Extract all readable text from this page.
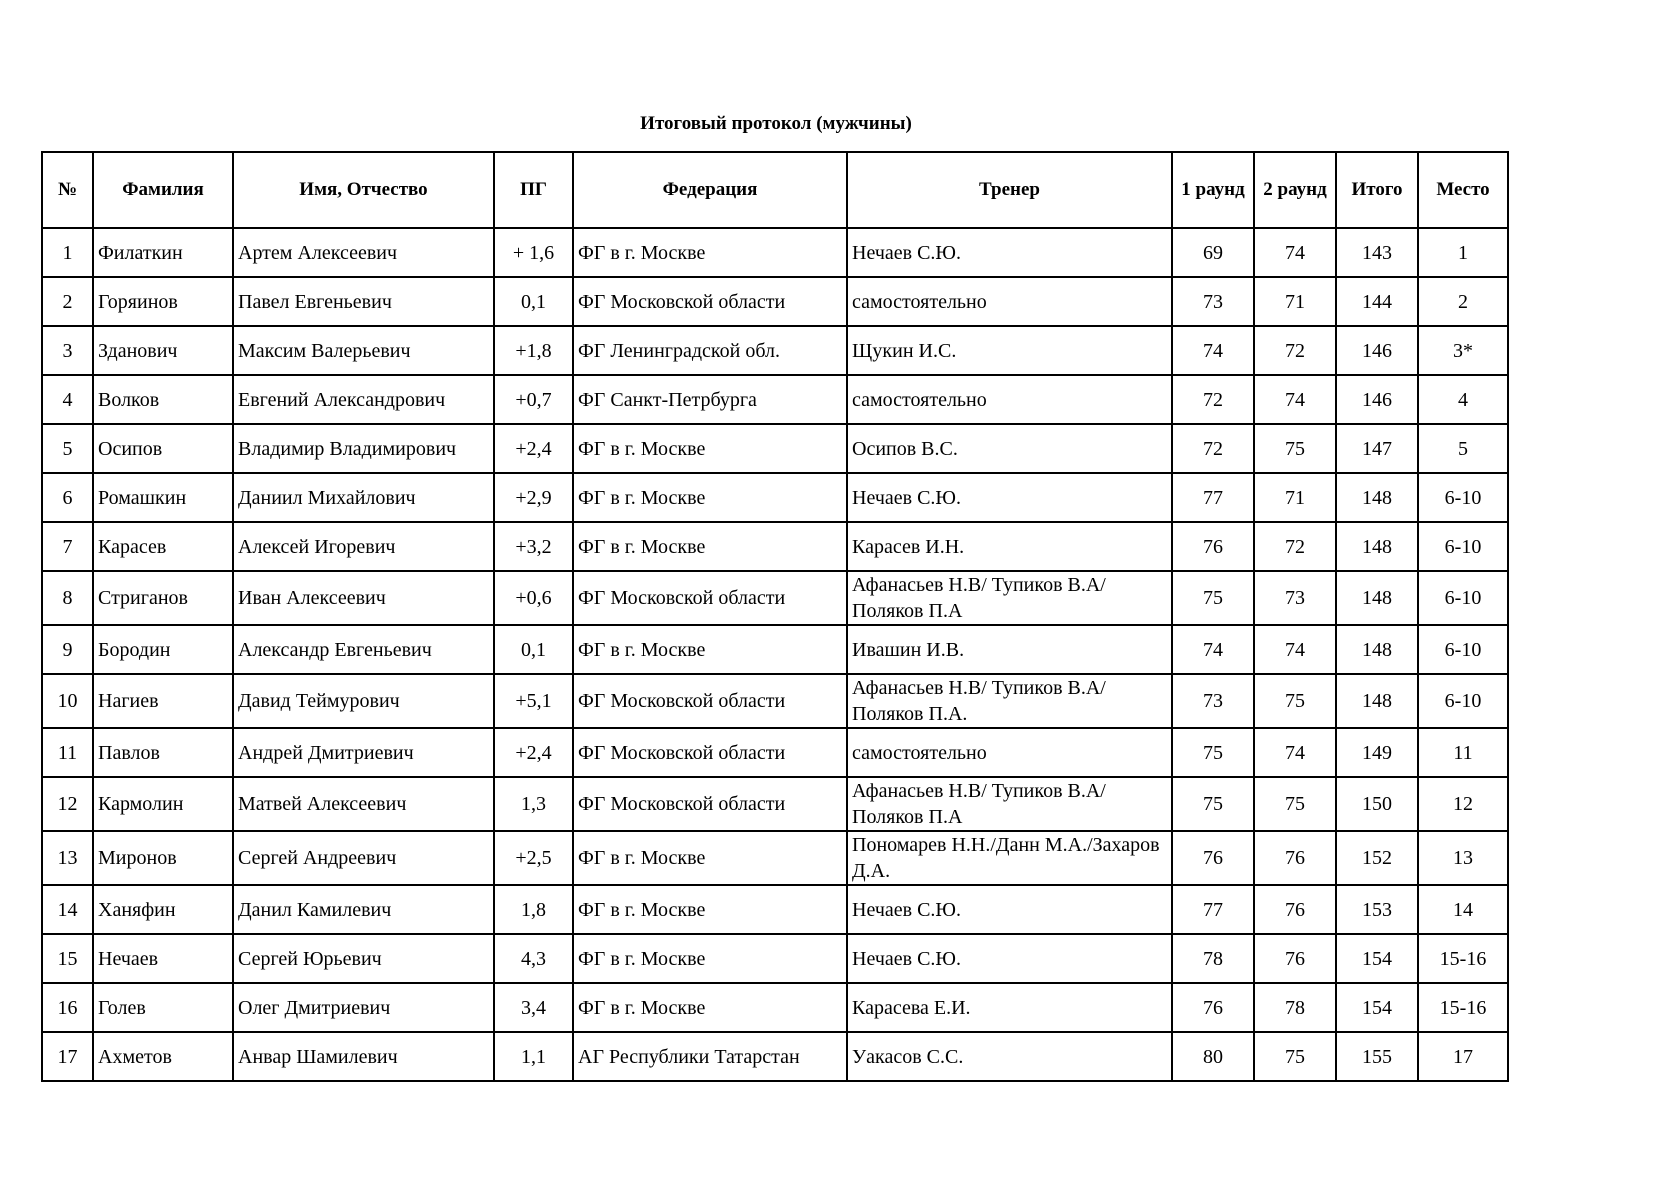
Итоговый протокол (мужчины)
№	Фамилия	Имя, Отчество	ПГ	Федерация	Тренер	1 раунд	2 раунд	Итого	Место
1	Филаткин	Артем Алексеевич	+ 1,6	ФГ в г. Москве	Нечаев С.Ю.	69	74	143	1
2	Горяинов	Павел Евгеньевич	0,1	ФГ Московской области	самостоятельно	73	71	144	2
3	Зданович	Максим Валерьевич	+1,8	ФГ Ленинградской обл.	Щукин И.С.	74	72	146	3*
4	Волков	Евгений Александрович	+0,7	ФГ Санкт-Петрбурга	самостоятельно	72	74	146	4
5	Осипов	Владимир Владимирович	+2,4	ФГ в г. Москве	Осипов В.С.	72	75	147	5
6	Ромашкин	Даниил Михайлович	+2,9	ФГ в г. Москве	Нечаев С.Ю.	77	71	148	6-10
7	Карасев	Алексей Игоревич	+3,2	ФГ в г. Москве	Карасев И.Н.	76	72	148	6-10
8	Стриганов	Иван Алексеевич	+0,6	ФГ Московской области	Афанасьев Н.В/ Тупиков В.А/ Поляков П.А	75	73	148	6-10
9	Бородин	Александр Евгеньевич	0,1	ФГ в г. Москве	Ивашин И.В.	74	74	148	6-10
10	Нагиев	Давид Теймурович	+5,1	ФГ Московской области	Афанасьев Н.В/ Тупиков В.А/ Поляков П.А.	73	75	148	6-10
11	Павлов	Андрей Дмитриевич	+2,4	ФГ Московской области	самостоятельно	75	74	149	11
12	Кармолин	Матвей Алексеевич	1,3	ФГ Московской области	Афанасьев Н.В/ Тупиков В.А/ Поляков П.А	75	75	150	12
13	Миронов	Сергей Андреевич	+2,5	ФГ в г. Москве	Пономарев Н.Н./Данн М.А./Захаров Д.А.	76	76	152	13
14	Ханяфин	Данил Камилевич	1,8	ФГ в г. Москве	Нечаев С.Ю.	77	76	153	14
15	Нечаев	Сергей Юрьевич	4,3	ФГ в г. Москве	Нечаев С.Ю.	78	76	154	15-16
16	Голев	Олег Дмитриевич	3,4	ФГ в г. Москве	Карасева Е.И.	76	78	154	15-16
17	Ахметов	Анвар Шамилевич	1,1	АГ Республики Татарстан	Уакасов С.С.	80	75	155	17
